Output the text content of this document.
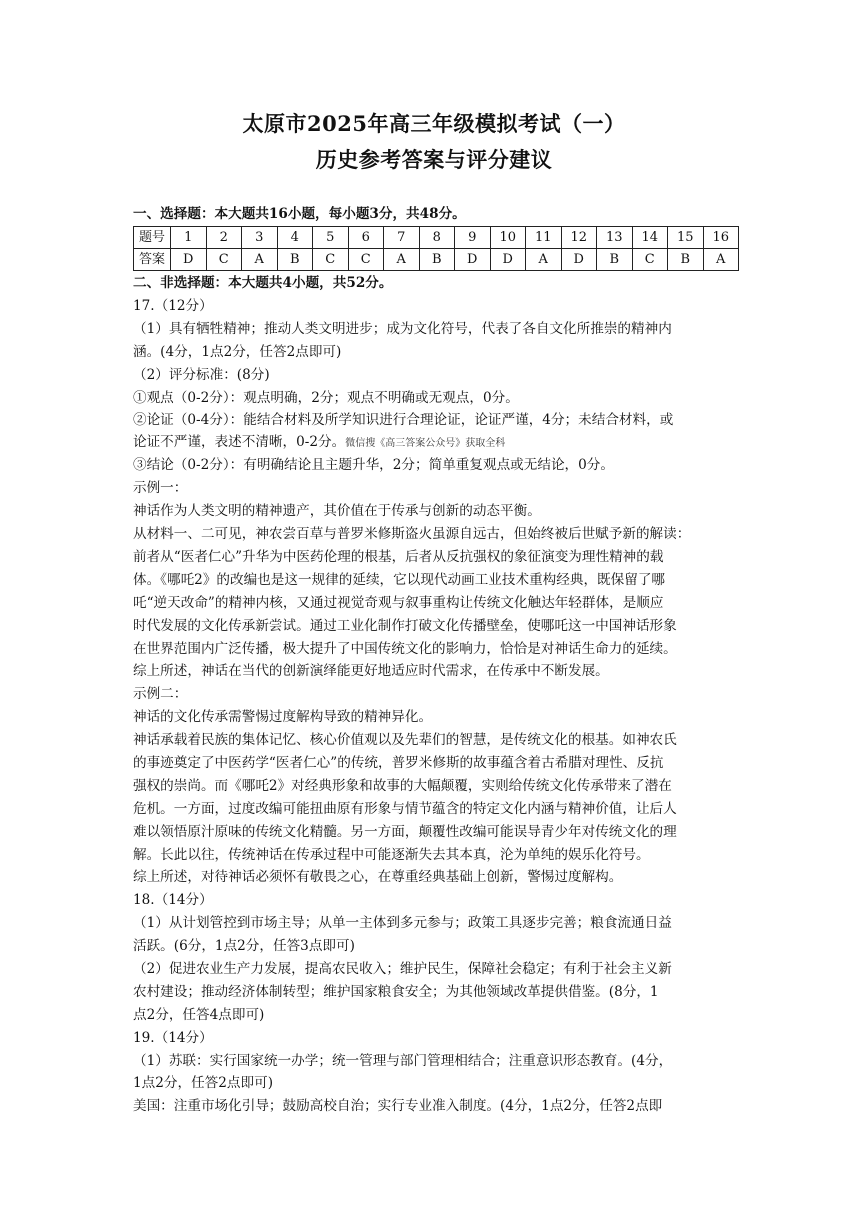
太原市2025年高三年级模拟考试（一）
历史参考答案与评分建议
一、选择题：本大题共16小题，每小题3分，共48分。
题号	1	2	3	4	5	6	7	8	9	10	11	12	13	14	15	16
答案	D	C	A	B	C	C	A	B	D	D	A	D	B	C	B	A
二、非选择题：本大题共4小题，共52分。
17.（12分）
（1）具有牺牲精神；推动人类文明进步；成为文化符号，代表了各自文化所推崇的精神内
涵。(4分，1点2分，任答2点即可)
（2）评分标准：(8分)
①观点（0-2分）：观点明确，2分；观点不明确或无观点，0分。
②论证（0-4分）：能结合材料及所学知识进行合理论证，论证严谨，4分；未结合材料，或
论证不严谨，表述不清晰，0-2分。微信搜《高三答案公众号》获取全科
③结论（0-2分）：有明确结论且主题升华，2分；简单重复观点或无结论，0分。
示例一：
神话作为人类文明的精神遗产，其价值在于传承与创新的动态平衡。
从材料一、二可见，神农尝百草与普罗米修斯盗火虽源自远古，但始终被后世赋予新的解读：
前者从“医者仁心”升华为中医药伦理的根基，后者从反抗强权的象征演变为理性精神的载
体。《哪吒2》的改编也是这一规律的延续，它以现代动画工业技术重构经典，既保留了哪
吒“逆天改命”的精神内核，又通过视觉奇观与叙事重构让传统文化触达年轻群体，是顺应
时代发展的文化传承新尝试。通过工业化制作打破文化传播壁垒，使哪吒这一中国神话形象
在世界范围内广泛传播，极大提升了中国传统文化的影响力，恰恰是对神话生命力的延续。
综上所述，神话在当代的创新演绎能更好地适应时代需求，在传承中不断发展。
示例二：
神话的文化传承需警惕过度解构导致的精神异化。
神话承载着民族的集体记忆、核心价值观以及先辈们的智慧，是传统文化的根基。如神农氏
的事迹奠定了中医药学“医者仁心”的传统，普罗米修斯的故事蕴含着古希腊对理性、反抗
强权的崇尚。而《哪吒2》对经典形象和故事的大幅颠覆，实则给传统文化传承带来了潜在
危机。一方面，过度改编可能扭曲原有形象与情节蕴含的特定文化内涵与精神价值，让后人
难以领悟原汁原味的传统文化精髓。另一方面，颠覆性改编可能误导青少年对传统文化的理
解。长此以往，传统神话在传承过程中可能逐渐失去其本真，沦为单纯的娱乐化符号。
综上所述，对待神话必须怀有敬畏之心，在尊重经典基础上创新，警惕过度解构。
18.（14分）
（1）从计划管控到市场主导；从单一主体到多元参与；政策工具逐步完善；粮食流通日益
活跃。(6分，1点2分，任答3点即可)
（2）促进农业生产力发展，提高农民收入；维护民生，保障社会稳定；有利于社会主义新
农村建设；推动经济体制转型；维护国家粮食安全；为其他领域改革提供借鉴。(8分，1
点2分，任答4点即可)
19.（14分）
（1）苏联：实行国家统一办学；统一管理与部门管理相结合；注重意识形态教育。(4分，
1点2分，任答2点即可)
美国：注重市场化引导；鼓励高校自治；实行专业准入制度。(4分，1点2分，任答2点即
